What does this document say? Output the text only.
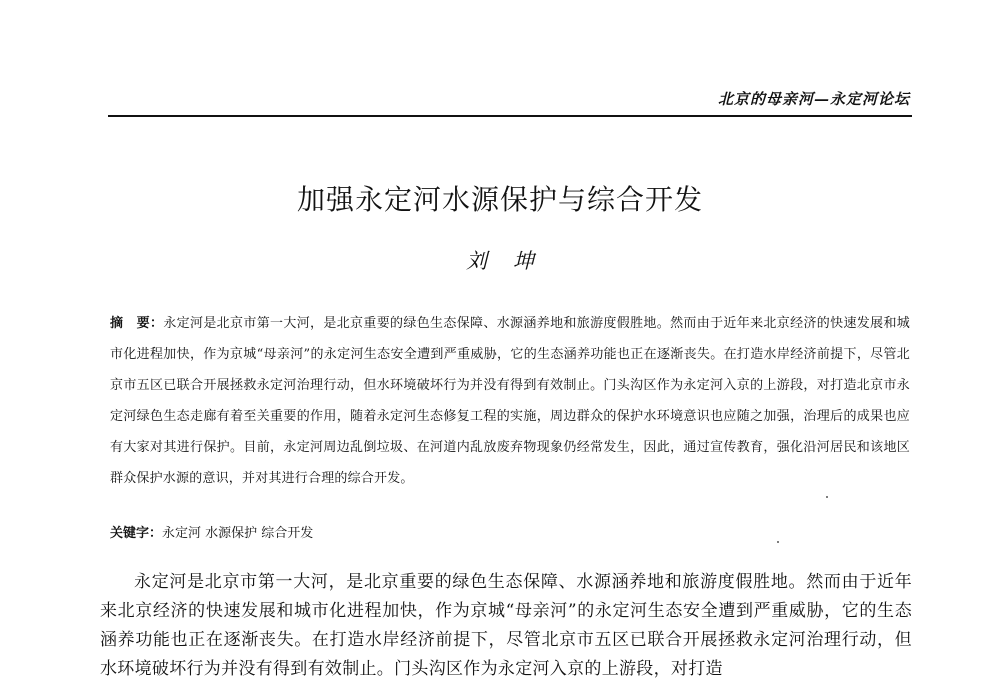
北京的母亲河—永定河论坛
加强永定河水源保护与综合开发
刘坤
摘　要：永定河是北京市第一大河，是北京重要的绿色生态保障、水源涵养地和旅游度假胜地。然而由于近年来北京经济的快速发展和城市化进程加快，作为京城“母亲河”的永定河生态安全遭到严重威胁，它的生态涵养功能也正在逐渐丧失。在打造水岸经济前提下，尽管北京市五区已联合开展拯救永定河治理行动，但水环境破坏行为并没有得到有效制止。门头沟区作为永定河入京的上游段，对打造北京市永定河绿色生态走廊有着至关重要的作用，随着永定河生态修复工程的实施，周边群众的保护水环境意识也应随之加强，治理后的成果也应有大家对其进行保护。目前，永定河周边乱倒垃圾、在河道内乱放废弃物现象仍经常发生，因此，通过宣传教育，强化沿河居民和该地区群众保护水源的意识，并对其进行合理的综合开发。
关键字：永定河 水源保护 综合开发
永定河是北京市第一大河，是北京重要的绿色生态保障、水源涵养地和旅游度假胜地。然而由于近年来北京经济的快速发展和城市化进程加快，作为京城“母亲河”的永定河生态安全遭到严重威胁，它的生态涵养功能也正在逐渐丧失。在打造水岸经济前提下，尽管北京市五区已联合开展拯救永定河治理行动，但水环境破坏行为并没有得到有效制止。门头沟区作为永定河入京的上游段，对打造
